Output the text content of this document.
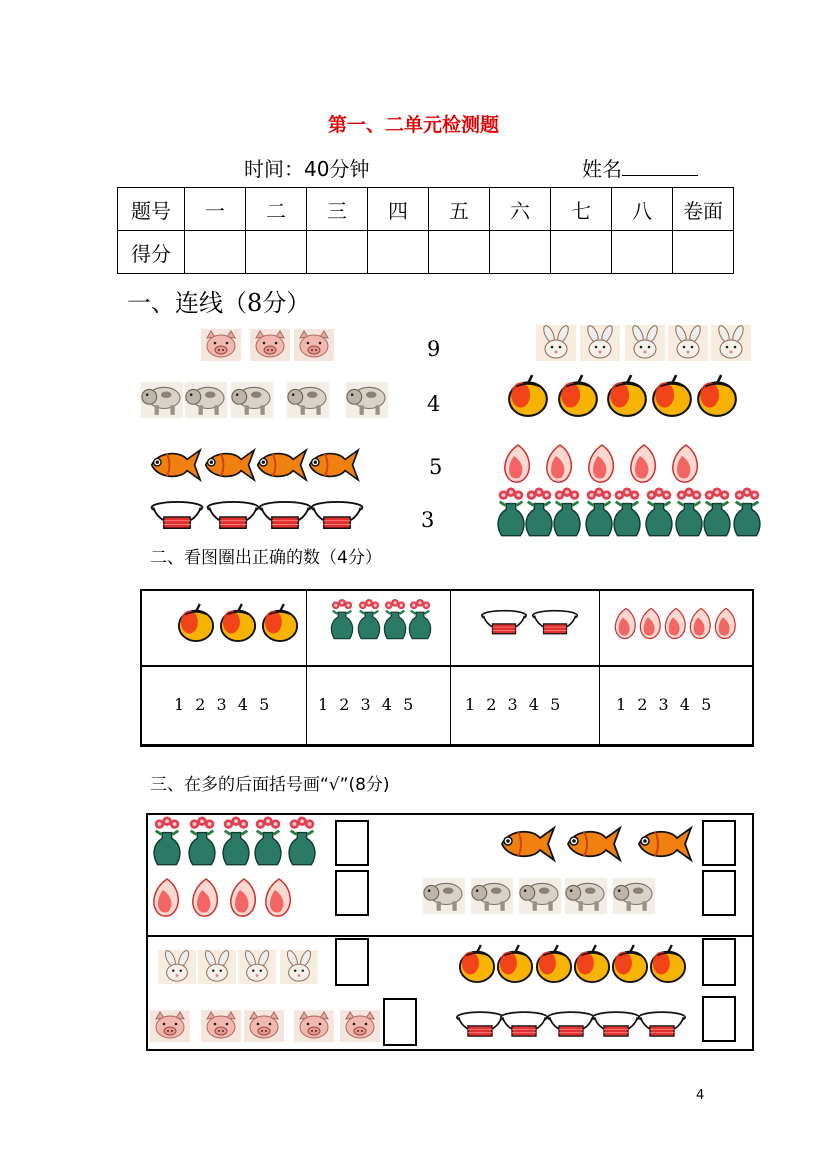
第一、二单元检测题
时间：40分钟	姓名
题号	一	二	三	四	五	六	七	八	卷面
得分									
一、连线（8分）
9
4
5
3
二、看图圈出正确的数（4分）
1 2 3 4 5	1 2 3 4 5	1 2 3 4 5	1 2 3 4 5
三、在多的后面括号画“√”(8分)
4
